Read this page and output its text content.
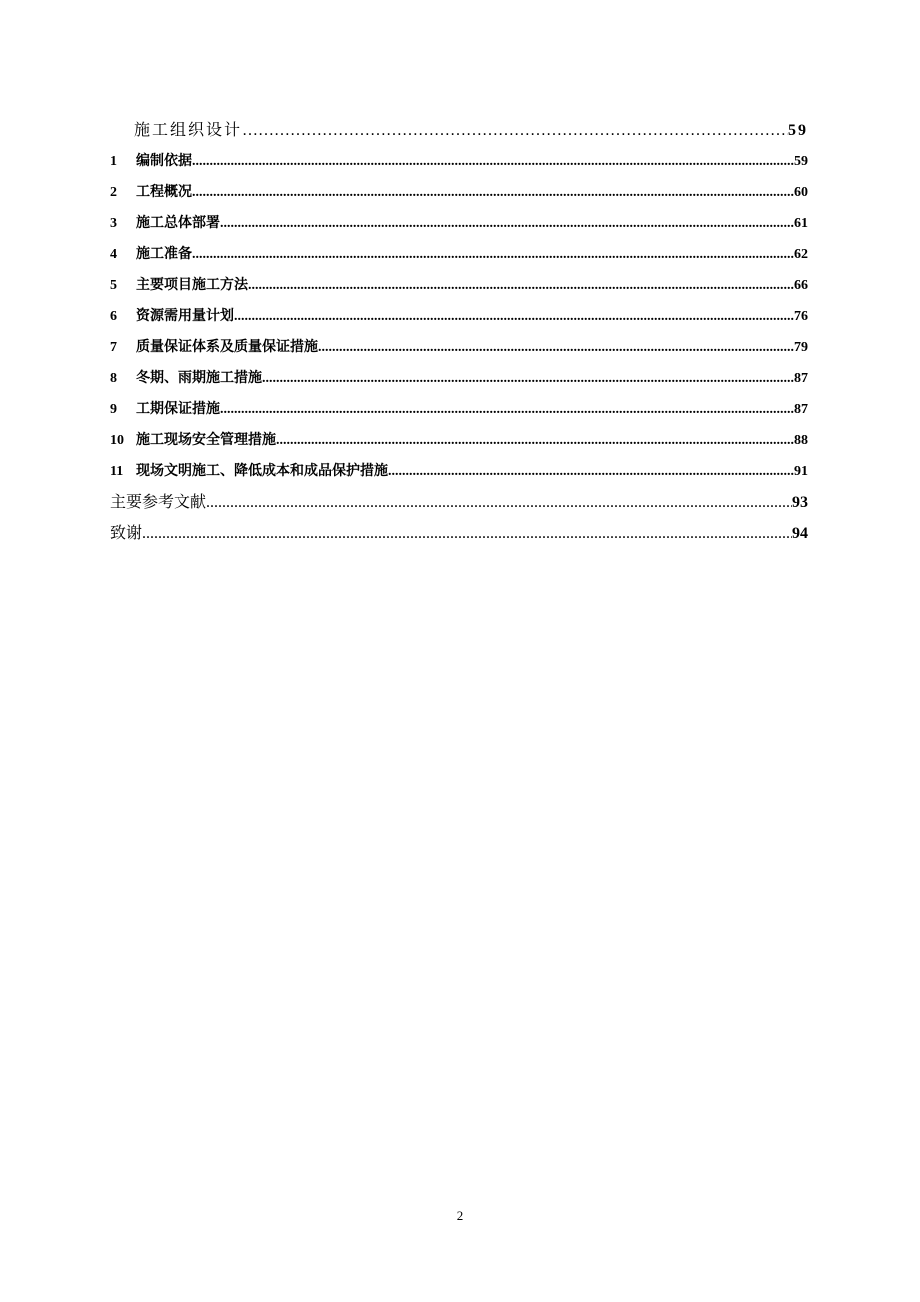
施工组织设计 ……………………………………………………………………………………………………………	59
1	编制依据 .....	59
2	工程概况 .....	60
3	施工总体部署 .....	61
4	施工准备 .....	62
5	主要项目施工方法 .....	66
6	资源需用量计划 .....	76
7	质量保证体系及质量保证措施 .....	79
8	冬期、雨期施工措施 .....	87
9	工期保证措施 .....	87
10 施工现场安全管理措施 .....	88
11 现场文明施工、降低成本和成品保护措施 .....	91
主要参考文献 .....	93
致谢 .....	94
2
